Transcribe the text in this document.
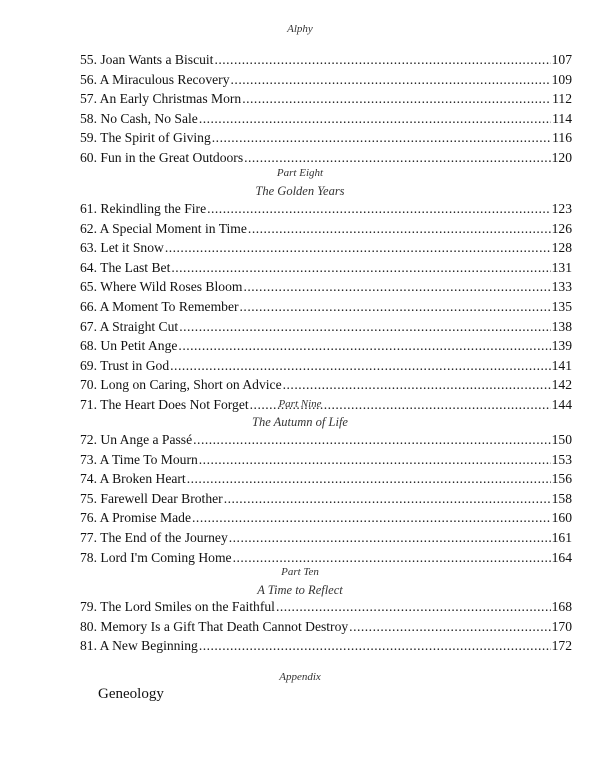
Alphy
55. Joan Wants a Biscuit .....	107
56. A Miraculous Recovery .....	109
57. An Early Christmas Morn .....	112
58. No Cash, No Sale .....	114
59. The Spirit of Giving .....	116
60. Fun in the Great Outdoors .....	120
Part Eight
The Golden Years
61. Rekindling the Fire .....	123
62. A Special Moment in Time .....	126
63. Let it Snow .....	128
64. The Last Bet .....	131
65. Where Wild Roses Bloom .....	133
66. A Moment To Remember .....	135
67. A Straight Cut .....	138
68. Un Petit Ange .....	139
69. Trust in God .....	141
70. Long on Caring, Short on Advice .....	142
71. The Heart Does Not Forget .....	144
Part Nine
The Autumn of Life
72. Un Ange a Passé .....	150
73. A Time To Mourn .....	153
74. A Broken Heart .....	156
75. Farewell Dear Brother .....	158
76. A Promise Made .....	160
77. The End of the Journey .....	161
78. Lord I'm Coming Home .....	164
Part Ten
A Time to Reflect
79. The Lord Smiles on the Faithful .....	168
80. Memory Is a Gift That Death Cannot Destroy .....	170
81. A New Beginning .....	172
Appendix
Geneology
